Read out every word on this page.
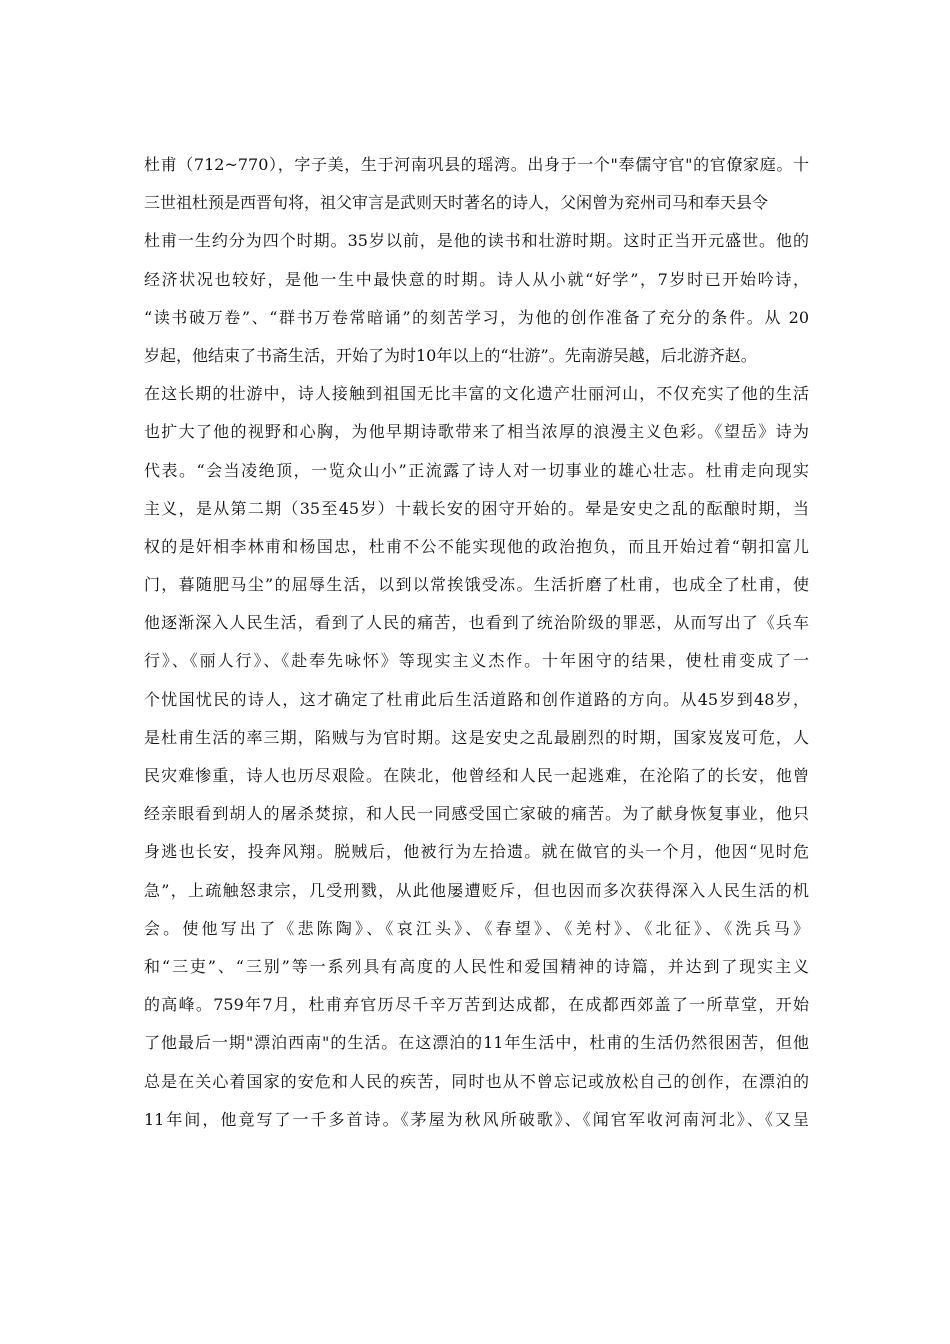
杜甫（712~770），字子美，生于河南巩县的瑶湾。出身于一个"奉儒守官"的官僚家庭。十
三世祖杜预是西晋旬将，祖父审言是武则天时著名的诗人，父闲曾为兖州司马和奉天县令
杜甫一生约分为四个时期。35岁以前，是他的读书和壮游时期。这时正当开元盛世。他的
经济状况也较好，是他一生中最快意的时期。诗人从小就“好学”，7岁时已开始吟诗，
“读书破万卷”、“群书万卷常暗诵”的刻苦学习，为他的创作准备了充分的条件。从 20
岁起，他结束了书斋生活，开始了为时10年以上的“壮游”。先南游吴越，后北游齐赵。
在这长期的壮游中，诗人接触到祖国无比丰富的文化遗产壮丽河山，不仅充实了他的生活
也扩大了他的视野和心胸，为他早期诗歌带来了相当浓厚的浪漫主义色彩。《望岳》诗为
代表。“会当凌绝顶，一览众山小”正流露了诗人对一切事业的雄心壮志。杜甫走向现实
主义，是从第二期（35至45岁）十载长安的困守开始的。晕是安史之乱的酝酿时期，当
权的是奸相李林甫和杨国忠，杜甫不公不能实现他的政治抱负，而且开始过着“朝扣富儿
门，暮随肥马尘”的屈辱生活，以到以常挨饿受冻。生活折磨了杜甫，也成全了杜甫，使
他逐渐深入人民生活，看到了人民的痛苦，也看到了统治阶级的罪恶，从而写出了《兵车
行》、《丽人行》、《赴奉先咏怀》等现实主义杰作。十年困守的结果，使杜甫变成了一
个忧国忧民的诗人，这才确定了杜甫此后生活道路和创作道路的方向。从45岁到48岁，
是杜甫生活的率三期，陷贼与为官时期。这是安史之乱最剧烈的时期，国家岌岌可危，人
民灾难惨重，诗人也历尽艰险。在陕北，他曾经和人民一起逃难，在沦陷了的长安，他曾
经亲眼看到胡人的屠杀焚掠，和人民一同感受国亡家破的痛苦。为了献身恢复事业，他只
身逃也长安，投奔风翔。脱贼后，他被行为左拾遗。就在做官的头一个月，他因“见时危
急”，上疏触怒隶宗，几受刑戮，从此他屡遭贬斥，但也因而多次获得深入人民生活的机
会。使他写出了《悲陈陶》、《哀江头》、《春望》、《羌村》、《北征》、《洗兵马》
和“三吏”、“三别”等一系列具有高度的人民性和爱国精神的诗篇，并达到了现实主义
的高峰。759年7月，杜甫弃官历尽千辛万苦到达成都，在成都西郊盖了一所草堂，开始
了他最后一期"漂泊西南"的生活。在这漂泊的11年生活中，杜甫的生活仍然很困苦，但他
总是在关心着国家的安危和人民的疾苦，同时也从不曾忘记或放松自己的创作，在漂泊的
11年间，他竟写了一千多首诗。《茅屋为秋风所破歌》、《闻官军收河南河北》、《又呈
